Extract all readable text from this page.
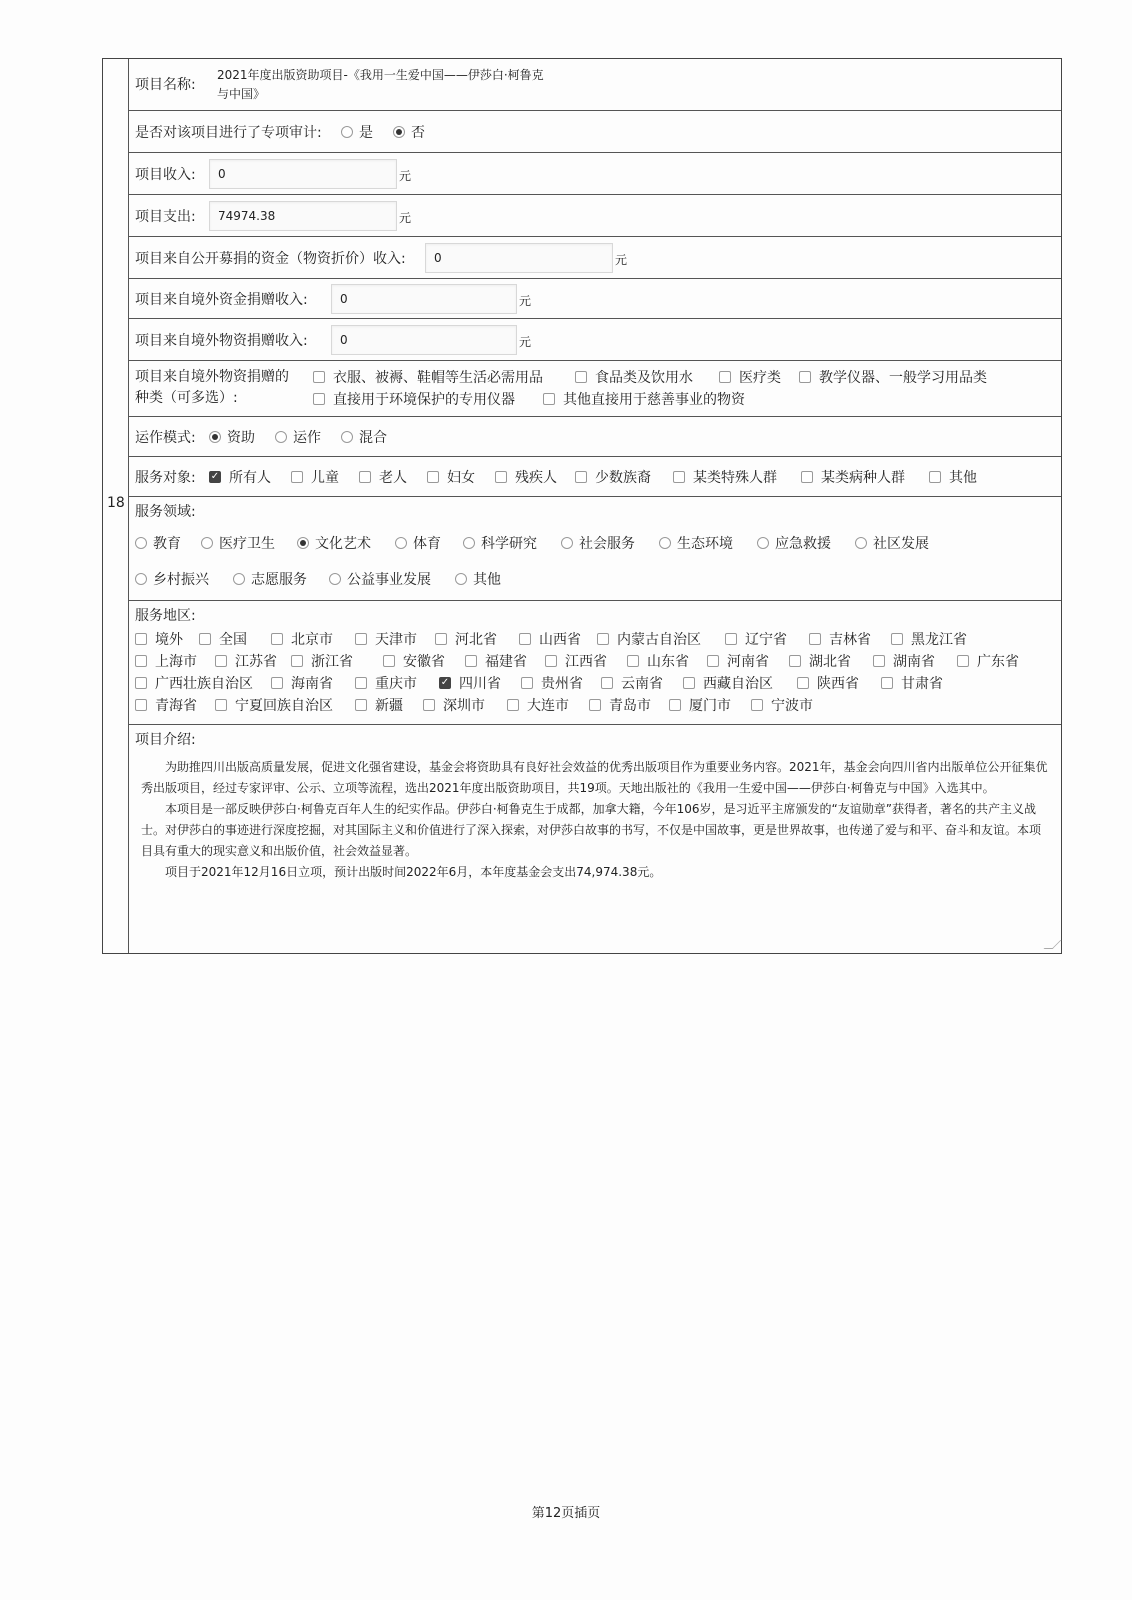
18
项目名称:
2021年度出版资助项目-《我用一生爱中国——伊莎白·柯鲁克
与中国》
是否对该项目进行了专项审计:	是	否
项目收入:	0	元
项目支出:	74974.38	元
项目来自公开募捐的资金（物资折价）收入:	0	元
项目来自境外资金捐赠收入:	0	元
项目来自境外物资捐赠收入:	0	元
项目来自境外物资捐赠的
种类（可多选）:
衣服、被褥、鞋帽等生活必需用品	食品类及饮用水	医疗类	教学仪器、一般学习用品类
直接用于环境保护的专用仪器	其他直接用于慈善事业的物资
运作模式:	资助	运作	混合
服务对象: ✓ 所有人	儿童	老人	妇女	残疾人	少数族裔	某类特殊人群	某类病种人群	其他
服务领域:
教育	医疗卫生	文化艺术	体育	科学研究	社会服务	生态环境	应急救援	社区发展
乡村振兴	志愿服务	公益事业发展	其他
服务地区:
境外	全国	北京市	天津市	河北省	山西省	内蒙古自治区	辽宁省	吉林省	黑龙江省
上海市	江苏省	浙江省	安徽省	福建省	江西省	山东省	河南省	湖北省	湖南省	广东省
广西壮族自治区	海南省	重庆市 ✓ 四川省	贵州省	云南省	西藏自治区	陕西省	甘肃省
青海省	宁夏回族自治区	新疆	深圳市	大连市	青岛市	厦门市	宁波市
项目介绍:

为助推四川出版高质量发展，促进文化强省建设，基金会将资助具有良好社会效益的优秀出版项目作为重要业务内容。2021年，基金会向四川省内出版单位公开征集优秀出版项目，经过专家评审、公示、立项等流程，选出2021年度出版资助项目，共19项。天地出版社的《我用一生爱中国——伊莎白·柯鲁克与中国》入选其中。

本项目是一部反映伊莎白·柯鲁克百年人生的纪实作品。伊莎白·柯鲁克生于成都，加拿大籍，今年106岁，是习近平主席颁发的“友谊勋章”获得者，著名的共产主义战士。对伊莎白的事迹进行深度挖掘，对其国际主义和价值进行了深入探索，对伊莎白故事的书写，不仅是中国故事，更是世界故事，也传递了爱与和平、奋斗和友谊。本项目具有重大的现实意义和出版价值，社会效益显著。

项目于2021年12月16日立项，预计出版时间2022年6月，本年度基金会支出74,974.38元。

第12页插页
